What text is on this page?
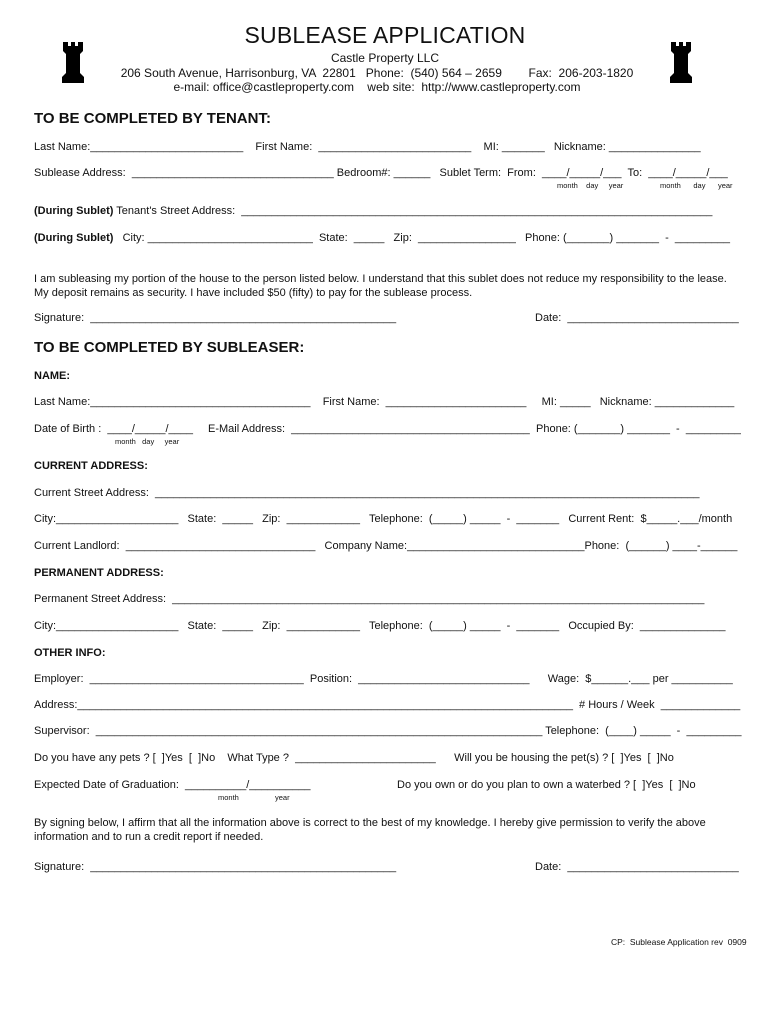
SUBLEASE APPLICATION
Castle Property LLC
206 South Avenue, Harrisonburg, VA  22801   Phone:  (540) 564 – 2659        Fax:  206-203-1820
e-mail: office@castleproperty.com    web site:  http://www.castleproperty.com
TO BE COMPLETED BY TENANT:
Last Name:_________________________    First Name:  _________________________    MI: _______   Nickname: _______________
Sublease Address:  _________________________________ Bedroom#: ______   Sublet Term:  From:  ____/_____/___  To:  ____/_____/___
month    day     year	month      day      year
(During Sublet) Tenant's Street Address:  _____________________________________________________________________________
(During Sublet)   City: ___________________________  State:  _____   Zip:  ________________   Phone: (_______) _______  -  _________
I am subleasing my portion of the house to the person listed below. I understand that this sublet does not reduce my responsibility to the lease. My deposit remains as security. I have included $50 (fifty) to pay for the sublease process.
Signature:  __________________________________________________	Date:  ____________________________
TO BE COMPLETED BY SUBLEASER:
NAME:
Last Name:____________________________________    First Name:  _______________________     MI: _____   Nickname: _____________
Date of Birth :  ____/_____/____
month   day     year
E-Mail Address:  _______________________________________ Phone: (_______) _______  -  _________
CURRENT ADDRESS:
Current Street Address:  _________________________________________________________________________________________
City:____________________   State:  _____   Zip:  ____________   Telephone:  (_____) _____  -  _______   Current Rent:  $_____.___/month
Current Landlord:  _______________________________   Company Name:_____________________________Phone:  (______) ____-______
PERMANENT ADDRESS:
Permanent Street Address:  _______________________________________________________________________________________
City:____________________   State:  _____   Zip:  ____________   Telephone:  (_____) _____  -  _______   Occupied By:  ______________
OTHER INFO:
Employer:  ___________________________________  Position:  ____________________________      Wage:  $______.___ per __________
Address:_________________________________________________________________________________  # Hours / Week  _____________
Supervisor:  _________________________________________________________________________ Telephone:  (____) _____  -  _________
Do you have any pets ? [  ]Yes  [  ]No    What Type ?  _______________________      Will you be housing the pet(s) ? [  ]Yes  [  ]No
Expected Date of Graduation:  __________/__________
month	year
Do you own or do you plan to own a waterbed ? [  ]Yes  [  ]No
By signing below, I affirm that all the information above is correct to the best of my knowledge. I hereby give permission to verify the above information and to run a credit report if needed.
Signature:  __________________________________________________	Date:  ____________________________
CP:  Sublease Application rev  0909
